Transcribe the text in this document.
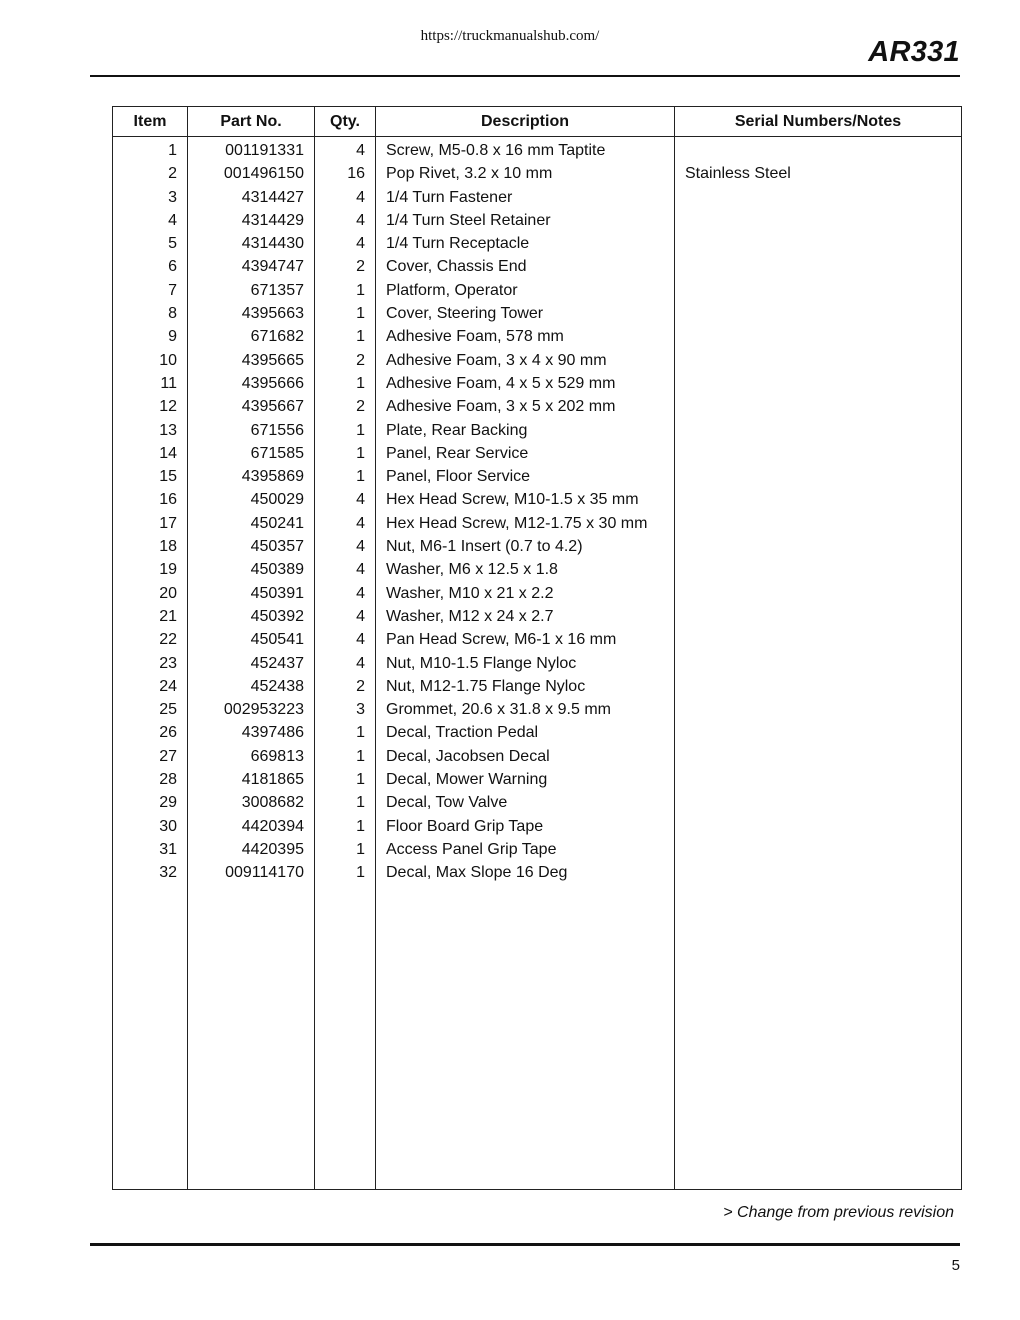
https://truckmanualshub.com/	AR331
Item	Part No.	Qty.	Description	Serial Numbers/Notes
1	001191331	4	Screw, M5-0.8 x 16 mm Taptite	
2	001496150	16	Pop Rivet, 3.2 x 10 mm	Stainless Steel
3	4314427	4	1/4 Turn Fastener	
4	4314429	4	1/4 Turn Steel Retainer	
5	4314430	4	1/4 Turn Receptacle	
6	4394747	2	Cover, Chassis End	
7	671357	1	Platform, Operator	
8	4395663	1	Cover, Steering Tower	
9	671682	1	Adhesive Foam, 578 mm	
10	4395665	2	Adhesive Foam, 3 x 4 x 90 mm	
11	4395666	1	Adhesive Foam, 4 x 5 x 529 mm	
12	4395667	2	Adhesive Foam, 3 x 5 x 202 mm	
13	671556	1	Plate, Rear Backing	
14	671585	1	Panel, Rear Service	
15	4395869	1	Panel, Floor Service	
16	450029	4	Hex Head Screw, M10-1.5 x 35 mm	
17	450241	4	Hex Head Screw, M12-1.75 x 30 mm	
18	450357	4	Nut, M6-1 Insert (0.7 to 4.2)	
19	450389	4	Washer, M6 x 12.5 x 1.8	
20	450391	4	Washer, M10 x 21 x 2.2	
21	450392	4	Washer, M12 x 24 x 2.7	
22	450541	4	Pan Head Screw, M6-1 x 16 mm	
23	452437	4	Nut, M10-1.5 Flange Nyloc	
24	452438	2	Nut, M12-1.75 Flange Nyloc	
25	002953223	3	Grommet, 20.6 x 31.8 x 9.5 mm	
26	4397486	1	Decal, Traction Pedal	
27	669813	1	Decal, Jacobsen Decal	
28	4181865	1	Decal, Mower Warning	
29	3008682	1	Decal, Tow Valve	
30	4420394	1	Floor Board Grip Tape	
31	4420395	1	Access Panel Grip Tape	
32	009114170	1	Decal, Max Slope 16 Deg	

> Change from previous revision
5
